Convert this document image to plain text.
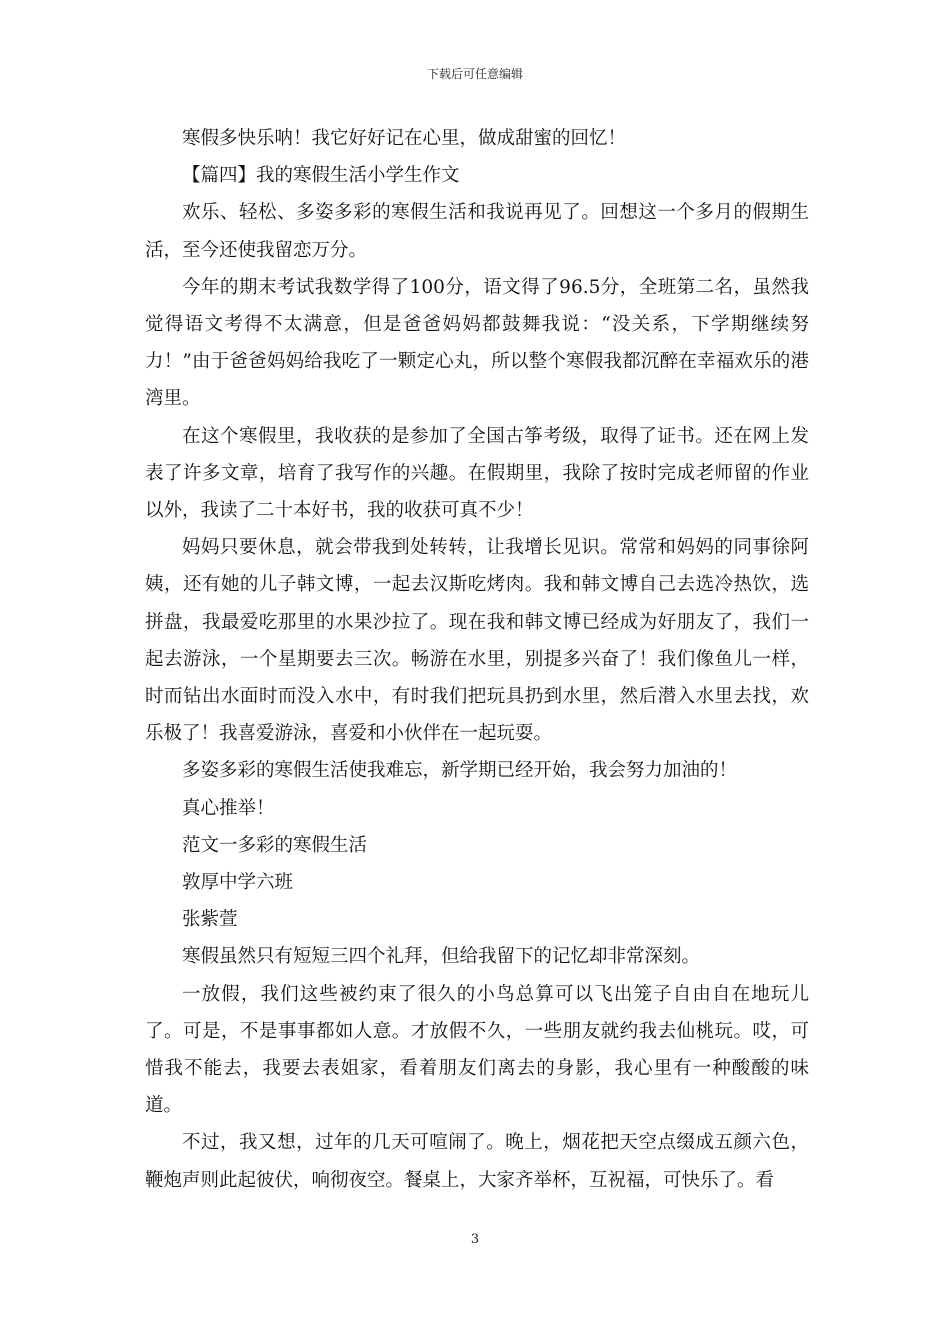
下载后可任意编辑

寒假多快乐呐！我它好好记在心里，做成甜蜜的回忆！

【篇四】我的寒假生活小学生作文

欢乐、轻松、多姿多彩的寒假生活和我说再见了。回想这一个多月的假期生活，至今还使我留恋万分。

今年的期末考试我数学得了100分，语文得了96.5分，全班第二名，虽然我觉得语文考得不太满意，但是爸爸妈妈都鼓舞我说：“没关系，下学期继续努力！”由于爸爸妈妈给我吃了一颗定心丸，所以整个寒假我都沉醉在幸福欢乐的港湾里。

在这个寒假里，我收获的是参加了全国古筝考级，取得了证书。还在网上发表了许多文章，培育了我写作的兴趣。在假期里，我除了按时完成老师留的作业以外，我读了二十本好书，我的收获可真不少！

妈妈只要休息，就会带我到处转转，让我增长见识。常常和妈妈的同事徐阿姨，还有她的儿子韩文博，一起去汉斯吃烤肉。我和韩文博自己去选冷热饮，选拼盘，我最爱吃那里的水果沙拉了。现在我和韩文博已经成为好朋友了，我们一起去游泳，一个星期要去三次。畅游在水里，别提多兴奋了！我们像鱼儿一样，时而钻出水面时而没入水中，有时我们把玩具扔到水里，然后潜入水里去找，欢乐极了！我喜爱游泳，喜爱和小伙伴在一起玩耍。

多姿多彩的寒假生活使我难忘，新学期已经开始，我会努力加油的！

真心推举！

范文一多彩的寒假生活

敦厚中学六班

张紫萱

寒假虽然只有短短三四个礼拜，但给我留下的记忆却非常深刻。

一放假，我们这些被约束了很久的小鸟总算可以飞出笼子自由自在地玩儿了。可是，不是事事都如人意。才放假不久，一些朋友就约我去仙桃玩。哎，可惜我不能去，我要去表姐家，看着朋友们离去的身影，我心里有一种酸酸的味道。

不过，我又想，过年的几天可喧闹了。晚上，烟花把天空点缀成五颜六色，鞭炮声则此起彼伏，响彻夜空。餐桌上，大家齐举杯，互祝福，可快乐了。看

3
